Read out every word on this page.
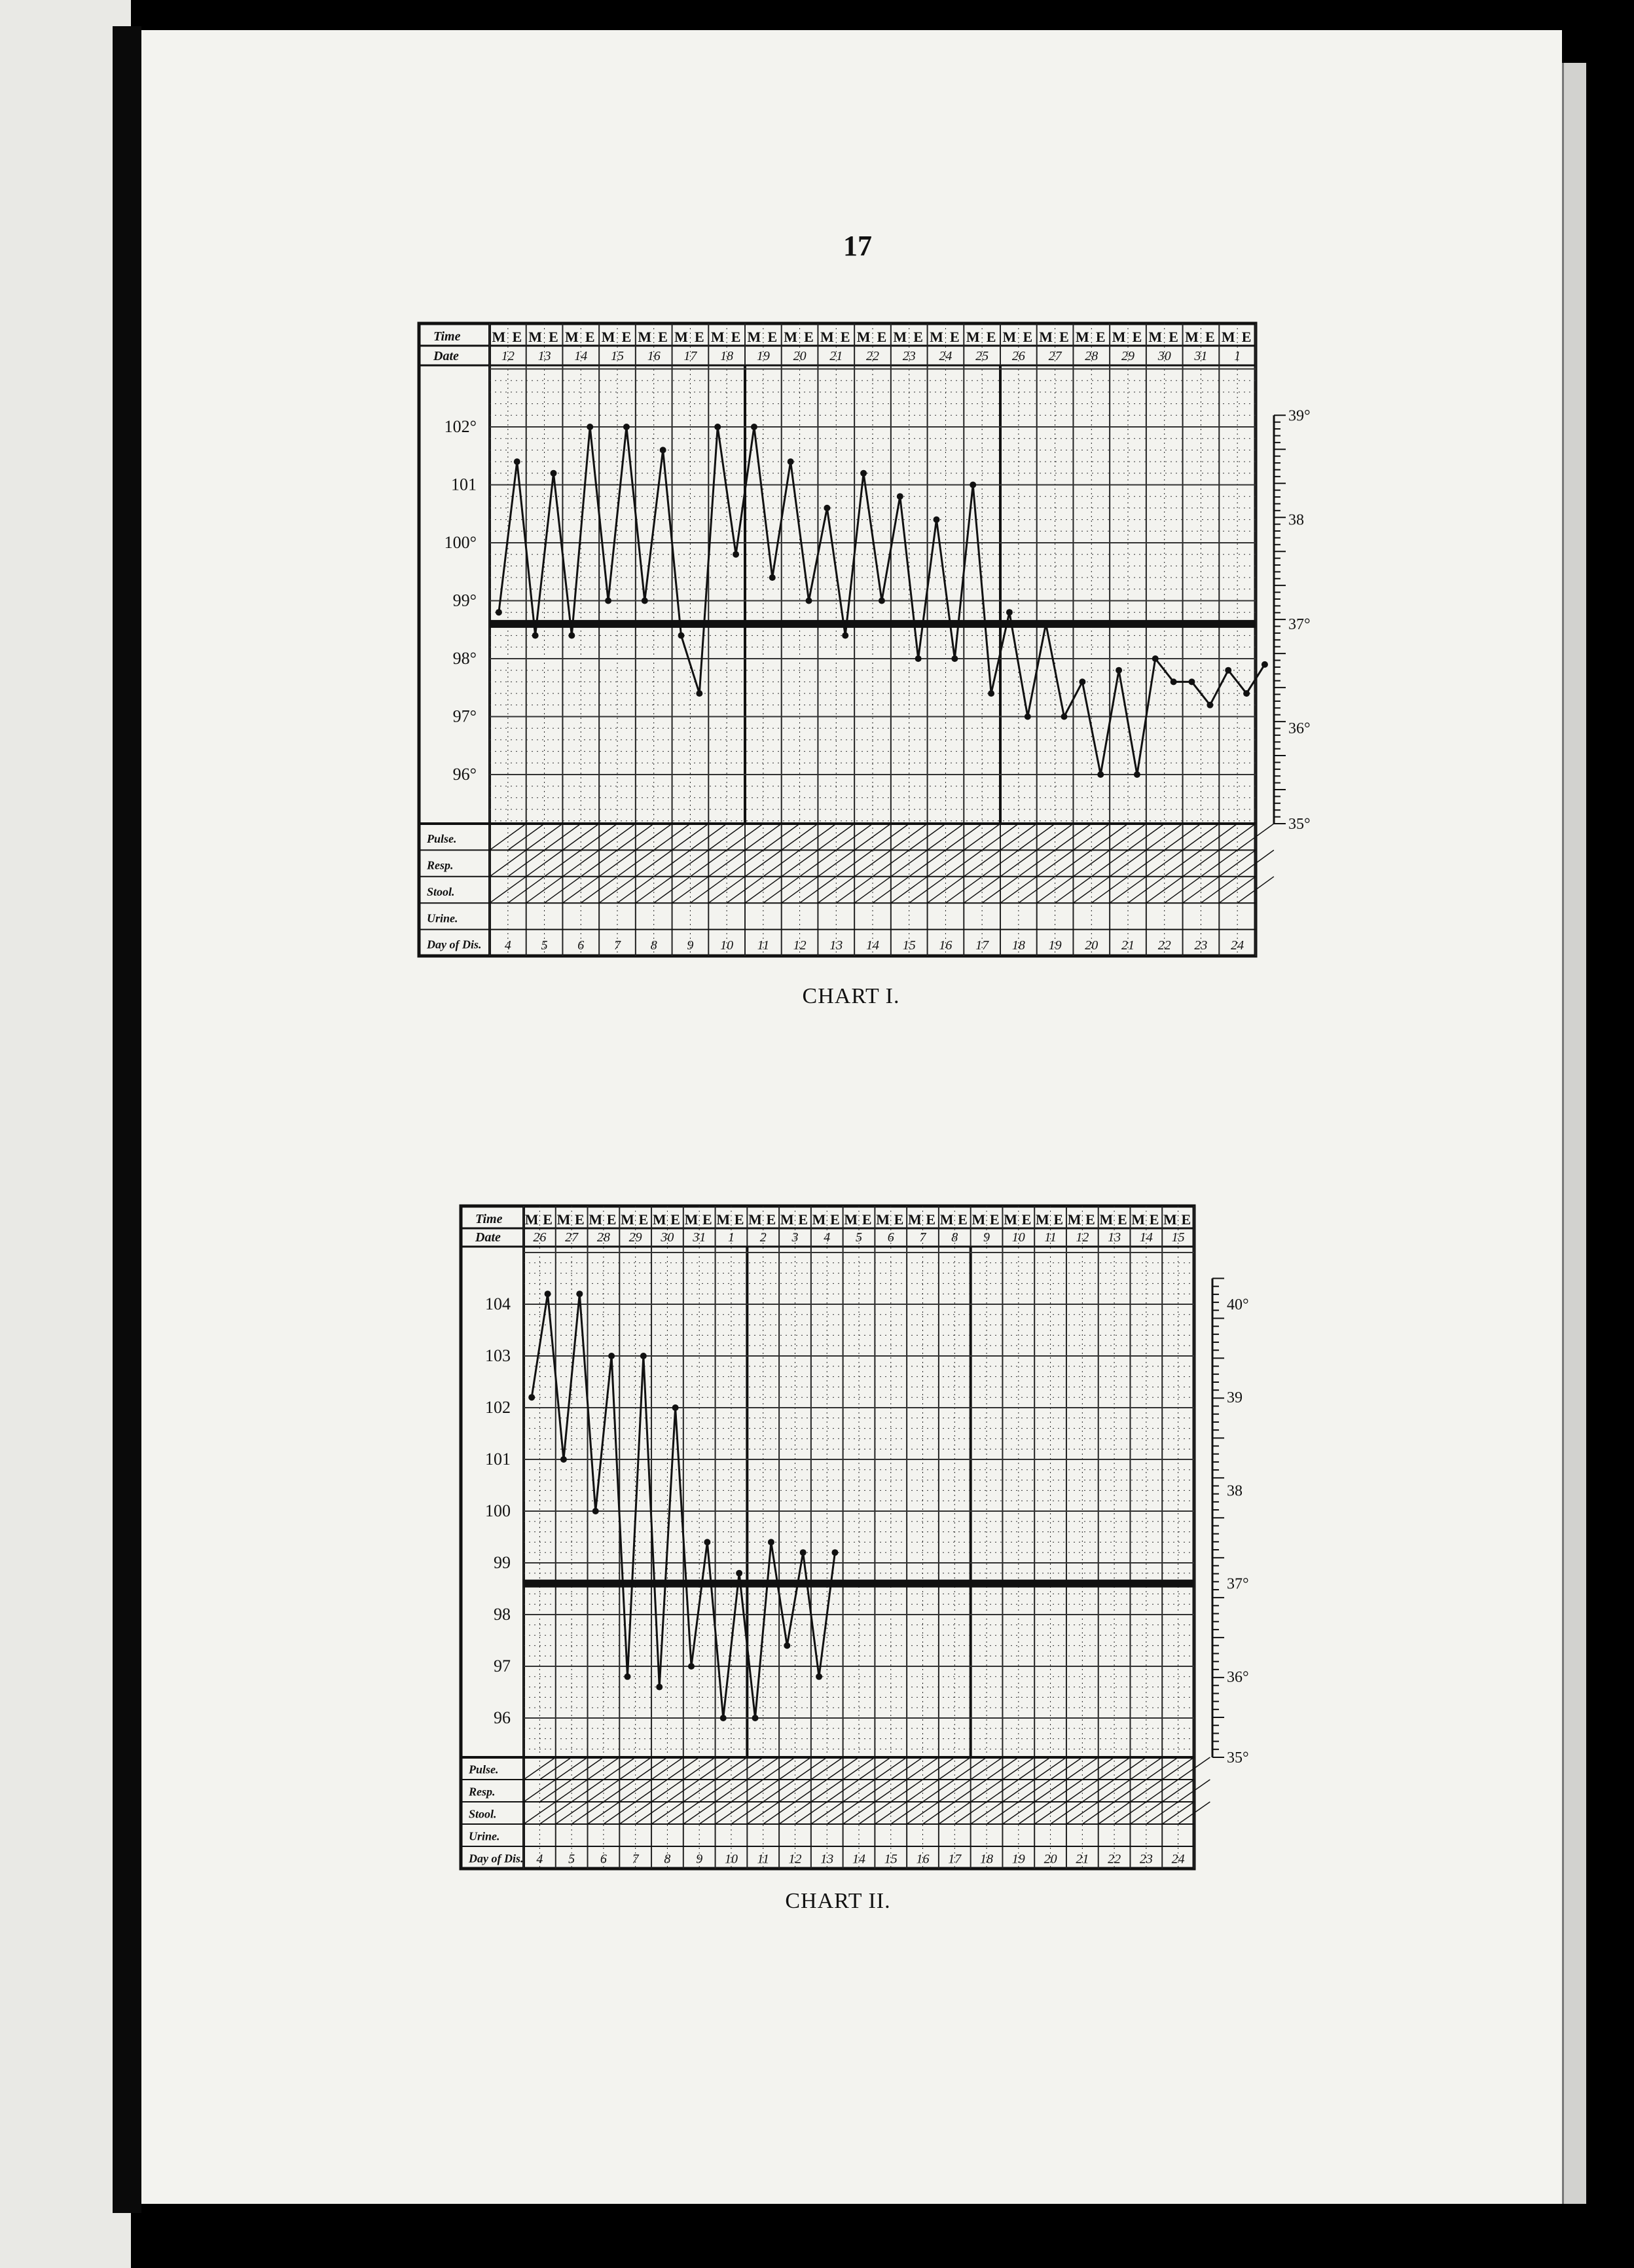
17
Time
Date
M E M E M E M E M E M E M E M E M E M E M E M E M E M E M E M E M E M E M E M E M E
12 13 14 15 16 17 18 19 20 21 22 23 24 25 26 27 28 29 30 31 1
102°
101
100°
99°
98°
97°
96°
39°
38
37°
36°
35°
Pulse.
Resp.
Stool.
Urine.
Day of Dis. 4 5 6 7 8 9 10 11 12 13 14 15 16 17 18 19 20 21 22 23 24
CHART I.
Time
Date
M E M E M E M E M E M E M E M E M E M E M E M E M E M E M E M E M E M E M E M E M E
26 27 28 29 30 31 1 2 3 4 5 6 7 8 9 10 11 12 13 14 15
104
103
102
101
100
99
98
97
96
40°
39
38
37°
36°
35°
Pulse.
Resp.
Stool.
Urine.
Day of Dis. 4 5 6 7 8 9 10 11 12 13 14 15 16 17 18 19 20 21 22 23 24
CHART II.
